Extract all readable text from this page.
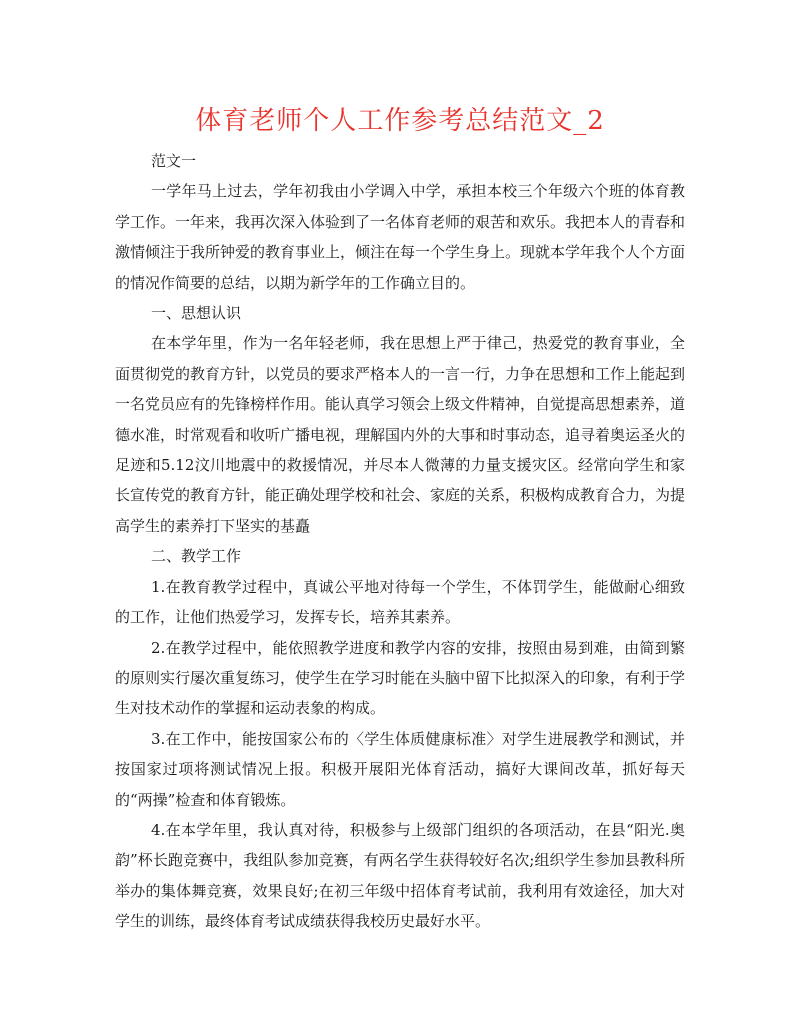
体育老师个人工作参考总结范文_2

范文一

一学年马上过去，学年初我由小学调入中学，承担本校三个年级六个班的体育教学工作。一年来，我再次深入体验到了一名体育老师的艰苦和欢乐。我把本人的青春和激情倾注于我所钟爱的教育事业上，倾注在每一个学生身上。现就本学年我个人个方面的情况作简要的总结，以期为新学年的工作确立目的。

一、思想认识

在本学年里，作为一名年轻老师，我在思想上严于律己，热爱党的教育事业，全面贯彻党的教育方针，以党员的要求严格本人的一言一行，力争在思想和工作上能起到一名党员应有的先锋榜样作用。能认真学习领会上级文件精神，自觉提高思想素养，道德水准，时常观看和收听广播电视，理解国内外的大事和时事动态，追寻着奥运圣火的足迹和5.12汶川地震中的救援情况，并尽本人微薄的力量支援灾区。经常向学生和家长宣传党的教育方针，能正确处理学校和社会、家庭的关系，积极构成教育合力，为提高学生的素养打下坚实的基矗

二、教学工作

1.在教育教学过程中，真诚公平地对待每一个学生，不体罚学生，能做耐心细致的工作，让他们热爱学习，发挥专长，培养其素养。

2.在教学过程中，能依照教学进度和教学内容的安排，按照由易到难，由简到繁的原则实行屡次重复练习，使学生在学习时能在头脑中留下比拟深入的印象，有利于学生对技术动作的掌握和运动表象的构成。

3.在工作中，能按国家公布的〈学生体质健康标准〉对学生进展教学和测试，并按国家过项将测试情况上报。积极开展阳光体育活动，搞好大课间改革，抓好每天的“两操”检查和体育锻炼。

4.在本学年里，我认真对待，积极参与上级部门组织的各项活动，在县“阳光.奥韵”杯长跑竞赛中，我组队参加竞赛，有两名学生获得较好名次;组织学生参加县教科所举办的集体舞竞赛，效果良好;在初三年级中招体育考试前，我利用有效途径，加大对学生的训练，最终体育考试成绩获得我校历史最好水平。
